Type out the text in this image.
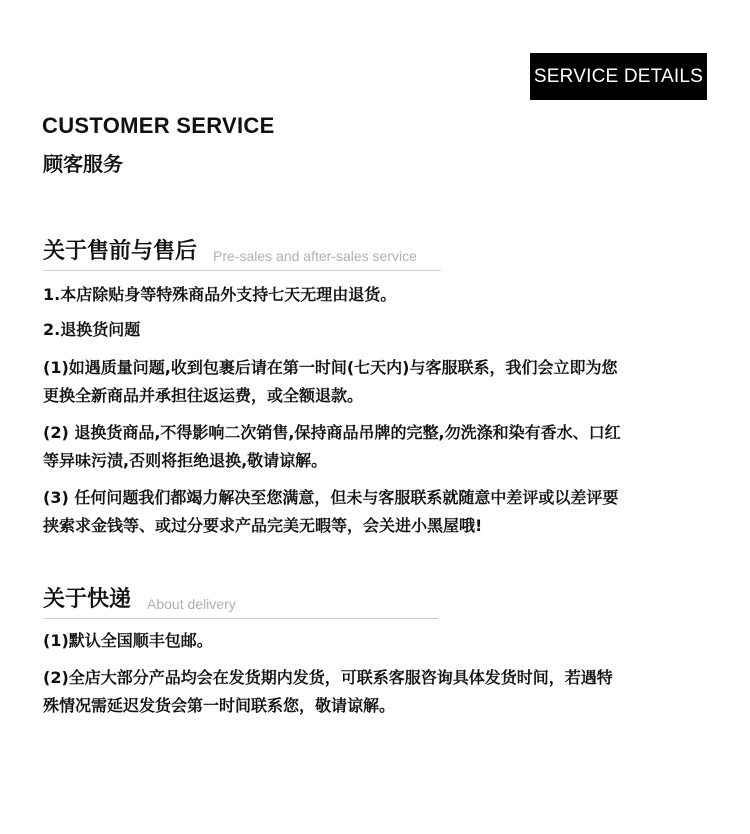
SERVICE DETAILS
CUSTOMER SERVICE
顾客服务
关于售前与售后 Pre-sales and after-sales service

1.本店除贴身等特殊商品外支持七天无理由退货。

2.退换货问题

(1)如遇质量问题,收到包裹后请在第一时间(七天内)与客服联系，我们会立即为您
更换全新商品并承担往返运费，或全额退款。

(2) 退换货商品,不得影响二次销售,保持商品吊牌的完整,勿洗涤和染有香水、口红
等异味污渍,否则将拒绝退换,敬请谅解。

(3) 任何问题我们都竭力解决至您满意，但未与客服联系就随意中差评或以差评要
挟索求金钱等、或过分要求产品完美无暇等，会关进小黑屋哦!

关于快递 About delivery

(1)默认全国顺丰包邮。

(2)全店大部分产品均会在发货期内发货，可联系客服咨询具体发货时间，若遇特
殊情况需延迟发货会第一时间联系您，敬请谅解。
